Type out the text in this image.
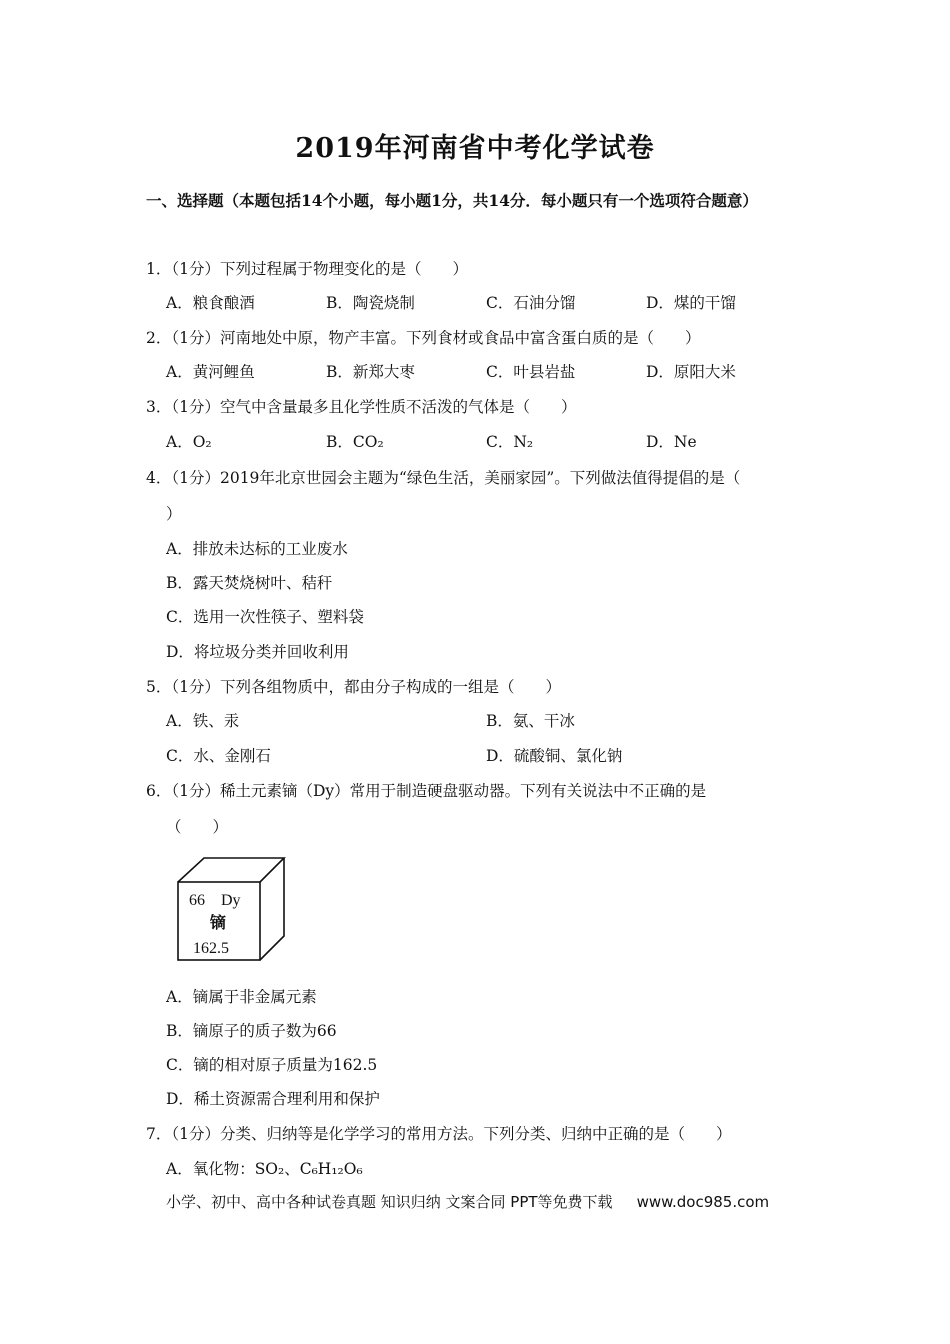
2019年河南省中考化学试卷
一、选择题（本题包括14个小题，每小题1分，共14分．每小题只有一个选项符合题意）
1．（1分）下列过程属于物理变化的是（　　）
A．粮食酿酒	B．陶瓷烧制	C．石油分馏	D．煤的干馏
2．（1分）河南地处中原，物产丰富。下列食材或食品中富含蛋白质的是（　　）
A．黄河鲤鱼	B．新郑大枣	C．叶县岩盐	D．原阳大米
3．（1分）空气中含量最多且化学性质不活泼的气体是（　　）
A．O₂	B．CO₂	C．N₂	D．Ne
4．（1分）2019年北京世园会主题为“绿色生活，美丽家园”。下列做法值得提倡的是（
）
A．排放未达标的工业废水
B．露天焚烧树叶、秸秆
C．选用一次性筷子、塑料袋
D．将垃圾分类并回收利用
5．（1分）下列各组物质中，都由分子构成的一组是（　　）
A．铁、汞	B．氨、干冰
C．水、金刚石	D．硫酸铜、氯化钠
6．（1分）稀土元素镝（Dy）常用于制造硬盘驱动器。下列有关说法中不正确的是
（　　）
66 Dy
镝
162.5
A．镝属于非金属元素
B．镝原子的质子数为66
C．镝的相对原子质量为162.5
D．稀土资源需合理利用和保护
7．（1分）分类、归纳等是化学学习的常用方法。下列分类、归纳中正确的是（　　）
A．氧化物：SO₂、C₆H₁₂O₆
小学、初中、高中各种试卷真题 知识归纳 文案合同 PPT等免费下载 www.doc985.com
